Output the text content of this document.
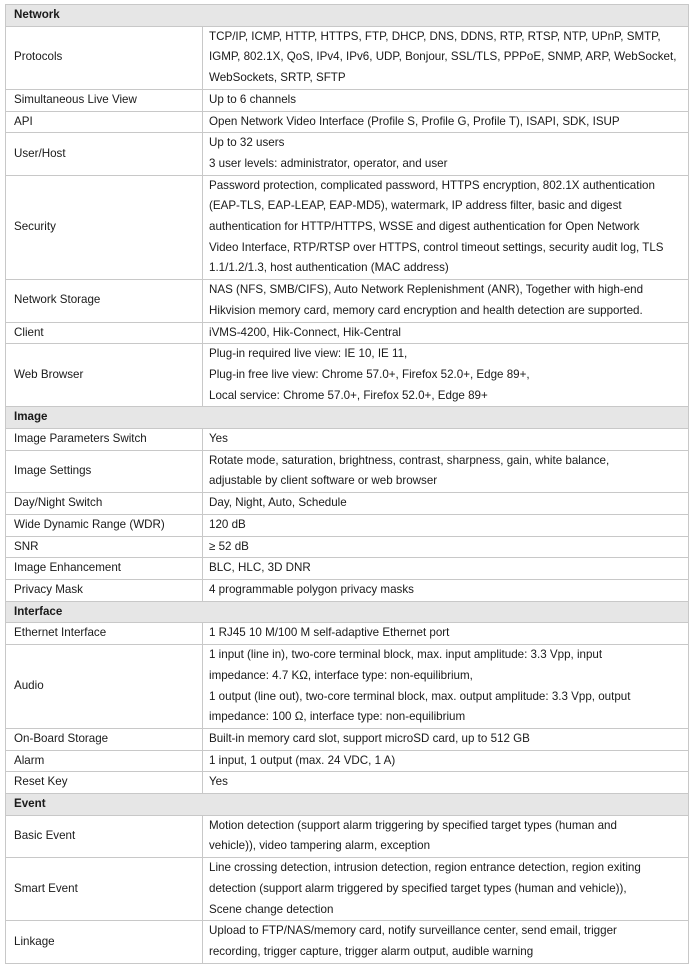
Network	
Protocols	TCP/IP, ICMP, HTTP, HTTPS, FTP, DHCP, DNS, DDNS, RTP, RTSP, NTP, UPnP, SMTP,
IGMP, 802.1X, QoS, IPv4, IPv6, UDP, Bonjour, SSL/TLS, PPPoE, SNMP, ARP, WebSocket,
WebSockets, SRTP, SFTP

Simultaneous Live View	Up to 6 channels

API	Open Network Video Interface (Profile S, Profile G, Profile T), ISAPI, SDK, ISUP

User/Host	Up to 32 users
3 user levels: administrator, operator, and user

Security	Password protection, complicated password, HTTPS encryption, 802.1X authentication
(EAP-TLS, EAP-LEAP, EAP-MD5), watermark, IP address filter, basic and digest
authentication for HTTP/HTTPS, WSSE and digest authentication for Open Network
Video Interface, RTP/RTSP over HTTPS, control timeout settings, security audit log, TLS
1.1/1.2/1.3, host authentication (MAC address)

Network Storage	NAS (NFS, SMB/CIFS), Auto Network Replenishment (ANR), Together with high-end
Hikvision memory card, memory card encryption and health detection are supported.

Client	iVMS-4200, Hik-Connect, Hik-Central

Web Browser	Plug-in required live view: IE 10, IE 11,
Plug-in free live view: Chrome 57.0+, Firefox 52.0+, Edge 89+,
Local service: Chrome 57.0+, Firefox 52.0+, Edge 89+

Image	
Image Parameters Switch	Yes

Image Settings	Rotate mode, saturation, brightness, contrast, sharpness, gain, white balance,
adjustable by client software or web browser

Day/Night Switch	Day, Night, Auto, Schedule

Wide Dynamic Range (WDR)	120 dB

SNR	≥ 52 dB

Image Enhancement	BLC, HLC, 3D DNR

Privacy Mask	4 programmable polygon privacy masks

Interface	
Ethernet Interface	1 RJ45 10 M/100 M self-adaptive Ethernet port

Audio	1 input (line in), two-core terminal block, max. input amplitude: 3.3 Vpp, input
impedance: 4.7 KΩ, interface type: non-equilibrium,
1 output (line out), two-core terminal block, max. output amplitude: 3.3 Vpp, output
impedance: 100 Ω, interface type: non-equilibrium

On-Board Storage	Built-in memory card slot, support microSD card, up to 512 GB

Alarm	1 input, 1 output (max. 24 VDC, 1 A)

Reset Key	Yes

Event	
Basic Event	Motion detection (support alarm triggering by specified target types (human and
vehicle)), video tampering alarm, exception

Smart Event	Line crossing detection, intrusion detection, region entrance detection, region exiting
detection (support alarm triggered by specified target types (human and vehicle)),
Scene change detection

Linkage	Upload to FTP/NAS/memory card, notify surveillance center, send email, trigger
recording, trigger capture, trigger alarm output, audible warning
